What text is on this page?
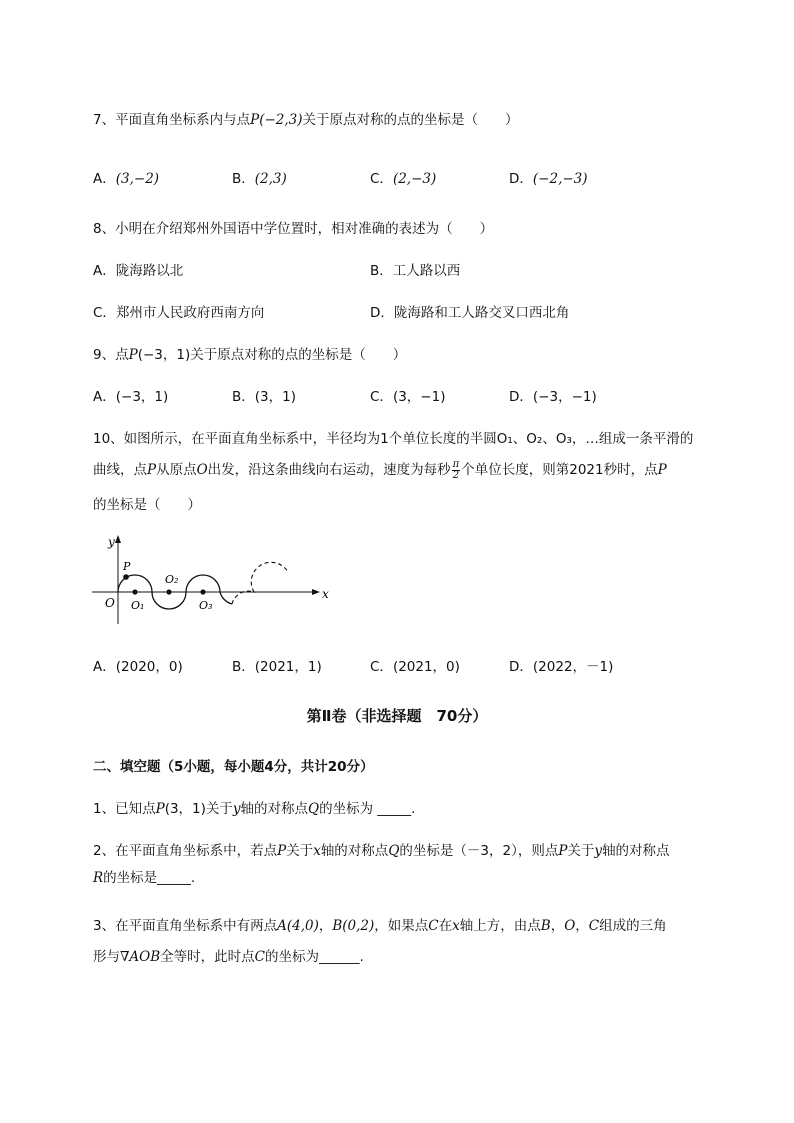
7、平面直角坐标系内与点P(−2,3)关于原点对称的点的坐标是（　　）
A．(3,−2)	B．(2,3)	C．(2,−3)	D．(−2,−3)
8、小明在介绍郑州外国语中学位置时，相对准确的表述为（　　）
A．陇海路以北	B．工人路以西
C．郑州市人民政府西南方向	D．陇海路和工人路交叉口西北角
9、点P(−3，1)关于原点对称的点的坐标是（　　）
A．(−3，1)	B．(3，1)	C．(3，−1)	D．(−3，−1)
10、如图所示，在平面直角坐标系中，半径均为1个单位长度的半圆O₁、O₂、O₃，…组成一条平滑的
曲线，点P从原点O出发，沿这条曲线向右运动，速度为每秒 $\frac{\pi}{2}$ 个单位长度，则第2021秒时，点P
的坐标是（　　）
y
x
O
P
O₁
O₂
O₃
A．(2020，0)	B．(2021，1)	C．(2021，0)	D．(2022，－1)
第Ⅱ卷（非选择题　70分）
二、填空题（5小题，每小题4分，共计20分）
1、已知点P(3，1)关于y轴的对称点Q的坐标为 _____.
2、在平面直角坐标系中，若点P关于x轴的对称点Q的坐标是（－3，2），则点P关于y轴的对称点
R的坐标是_____.
3、在平面直角坐标系中有两点A(4,0)，B(0,2)，如果点C在x轴上方，由点B，O，C组成的三角
形与∇AOB全等时，此时点C的坐标为______.
